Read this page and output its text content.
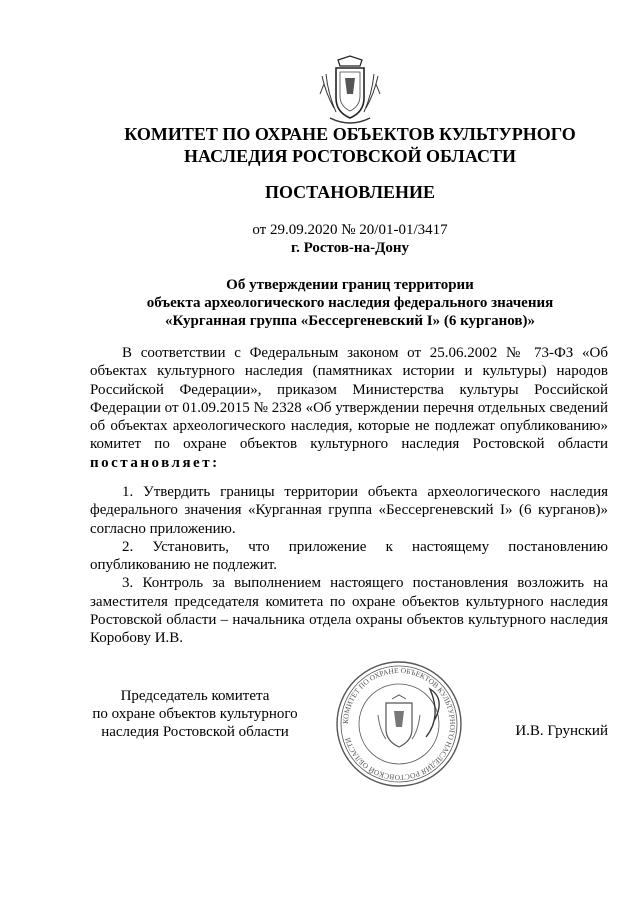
КОМИТЕТ ПО ОХРАНЕ ОБЪЕКТОВ КУЛЬТУРНОГО
НАСЛЕДИЯ РОСТОВСКОЙ ОБЛАСТИ
ПОСТАНОВЛЕНИЕ
от 29.09.2020 № 20/01-01/3417
г. Ростов-на-Дону
Об утверждении границ территории
объекта археологического наследия федерального значения
«Курганная группа «Бессергеневский I» (6 курганов)»
В соответствии с Федеральным законом от 25.06.2002 № 73-ФЗ «Об объектах культурного наследия (памятниках истории и культуры) народов Российской Федерации», приказом Министерства культуры Российской Федерации от 01.09.2015 № 2328 «Об утверждении перечня отдельных сведений об объектах археологического наследия, которые не подлежат опубликованию» комитет по охране объектов культурного наследия Ростовской области постановляет:
1. Утвердить границы территории объекта археологического наследия федерального значения «Курганная группа «Бессергеневский I» (6 курганов)» согласно приложению.
2. Установить, что приложение к настоящему постановлению опубликованию не подлежит.
3. Контроль за выполнением настоящего постановления возложить на заместителя председателя комитета по охране объектов культурного наследия Ростовской области – начальника отдела охраны объектов культурного наследия Коробову И.В.
Председатель комитета
по охране объектов культурного
наследия Ростовской области
КОМИТЕТ ПО ОХРАНЕ ОБЪЕКТОВ КУЛЬТУРНОГО НАСЛЕДИЯ РОСТОВСКОЙ ОБЛАСТИ
И.В. Грунский
